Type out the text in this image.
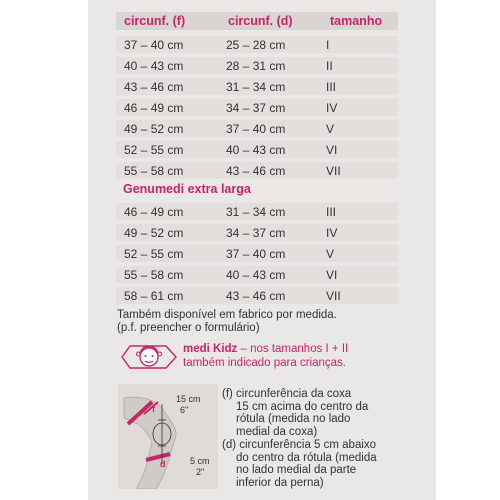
circunf. (f)	circunf. (d)	tamanho
37 – 40 cm	25 – 28 cm	I
40 – 43 cm	28 – 31 cm	II
43 – 46 cm	31 – 34 cm	III
46 – 49 cm	34 – 37 cm	IV
49 – 52 cm	37 – 40 cm	V
52 – 55 cm	40 – 43 cm	VI
55 – 58 cm	43 – 46 cm	VII
Genumedi extra larga
46 – 49 cm	31 – 34 cm	III
49 – 52 cm	34 – 37 cm	IV
52 – 55 cm	37 – 40 cm	V
55 – 58 cm	40 – 43 cm	VI
58 – 61 cm	43 – 46 cm	VII
Também disponível em fabrico por medida.
(p.f. preencher o formulário)
medi Kidz – nos tamanhos I + II
também indicado para crianças.
15 cm
6"
f
d	5 cm
2"
(f) circunferência da coxa
15 cm acima do centro da
rótula (medida no lado
medial da coxa)
(d) circunferência 5 cm abaixo
do centro da rótula (medida
no lado medial da parte
inferior da perna)
